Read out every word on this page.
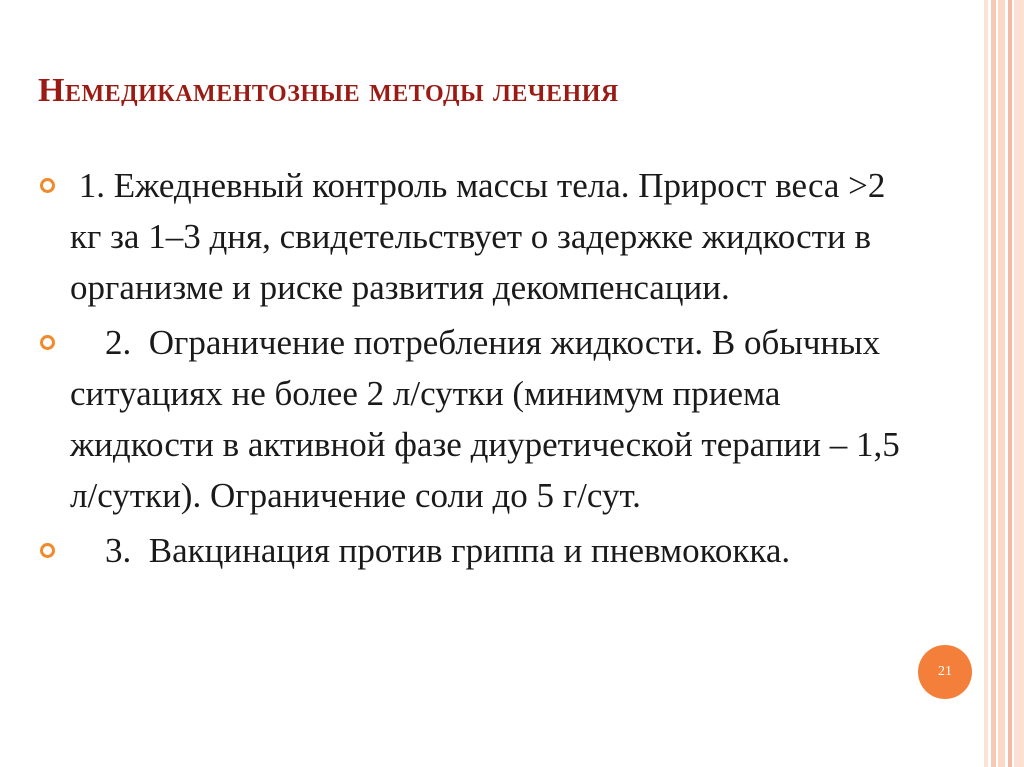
Немедикаментозные методы лечения
1. Ежедневный контроль массы тела. Прирост веса >2 кг за 1–3 дня, свидетельствует о задержке жидкости в организме и риске развития декомпенсации.
2.  Ограничение потребления жидкости. В обычных ситуациях не более 2 л/сутки (минимум приема жидкости в активной фазе диуретической терапии – 1,5 л/сутки). Ограничение соли до 5 г/сут.
3.  Вакцинация против гриппа и пневмококка.
21
